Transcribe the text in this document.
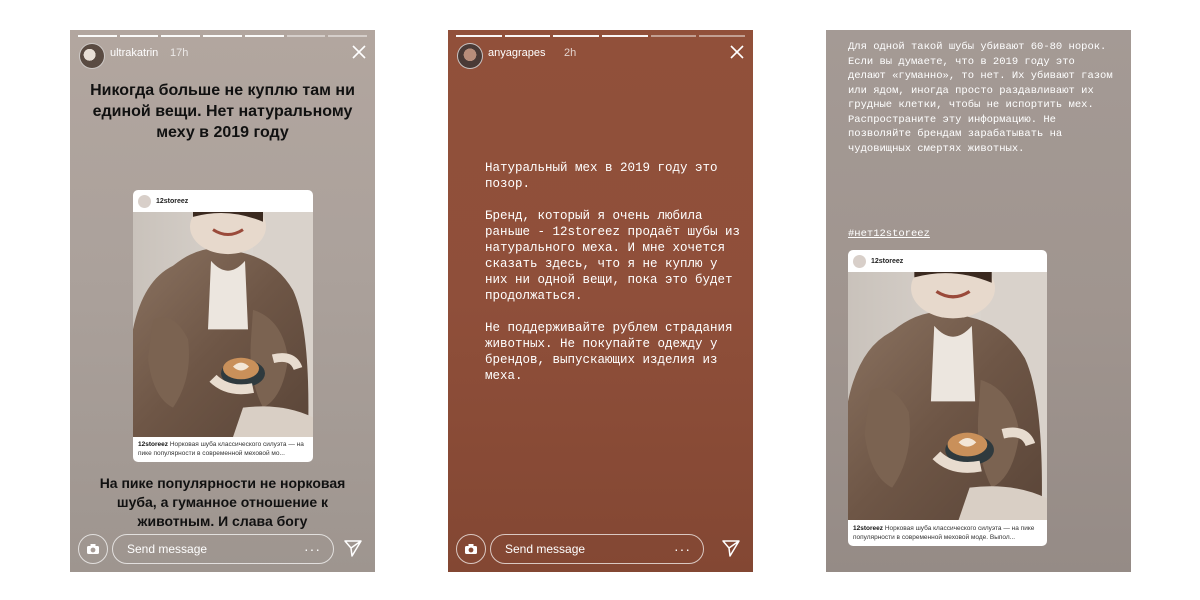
ultrakatrin 17h
Никогда больше не куплю там ни единой вещи. Нет натуральному меху в 2019 году
12storeez
12storeez Норковая шуба классического силуэта — на пике популярности в современной меховой мо...
На пике популярности не норковая шуба, а гуманное отношение к животным. И слава богу
Send message	···
anyagrapes 2h
Натуральный мех в 2019 году это позор.
Бренд, который я очень любила раньше - 12storeez продаёт шубы из натурального меха. И мне хочется сказать здесь, что я не куплю у них ни одной вещи, пока это будет продолжаться.
Не поддерживайте рублем страдания животных. Не покупайте одежду у брендов, выпускающих изделия из меха.
Send message	···
Для одной такой шубы убивают 60-80 норок. Если вы думаете, что в 2019 году это делают «гуманно», то нет. Их убивают газом или ядом, иногда просто раздавливают их грудные клетки, чтобы не испортить мех. Распространите эту информацию. Не позволяйте брендам зарабатывать на чудовищных смертях животных.
#нет12storeez
12storeez
12storeez Норковая шуба классического силуэта — на пике популярности в современной меховой моде. Выпол...
